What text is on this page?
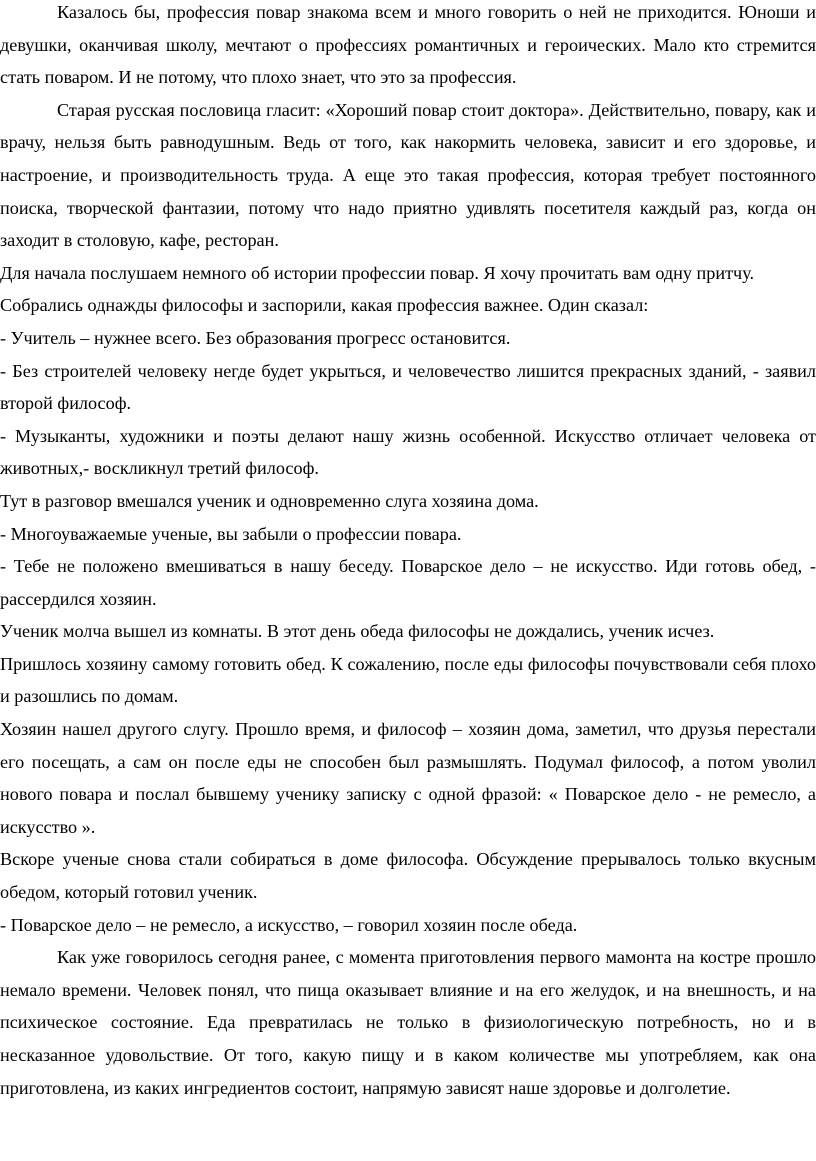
Казалось бы, профессия повар знакома всем и много говорить о ней не приходится. Юноши и девушки, оканчивая школу, мечтают о профессиях романтичных и героических. Мало кто стремится стать поваром. И не потому, что плохо знает, что это за профессия.

Старая русская пословица гласит: «Хороший повар стоит доктора». Действительно, повару, как и врачу, нельзя быть равнодушным. Ведь от того, как накормить человека, зависит и его здоровье, и настроение, и производительность труда. А еще это такая профессия, которая требует постоянного поиска, творческой фантазии, потому что надо приятно удивлять посетителя каждый раз, когда он заходит в столовую, кафе, ресторан.

Для начала послушаем немного об истории профессии повар. Я хочу прочитать вам одну притчу.

Собрались однажды философы и заспорили, какая профессия важнее. Один сказал:

- Учитель – нужнее всего. Без образования прогресс остановится.

- Без строителей человеку негде будет укрыться, и человечество лишится прекрасных зданий, - заявил второй философ.

- Музыканты, художники и поэты делают нашу жизнь особенной. Искусство отличает человека от животных,- воскликнул третий философ.

Тут в разговор вмешался ученик и одновременно слуга хозяина дома.

- Многоуважаемые ученые, вы забыли о профессии повара.

- Тебе не положено вмешиваться в нашу беседу. Поварское дело – не искусство. Иди готовь обед, - рассердился хозяин.

Ученик молча вышел из комнаты. В этот день обеда философы не дождались, ученик исчез.

Пришлось хозяину самому готовить обед. К сожалению, после еды философы почувствовали себя плохо и разошлись по домам.

Хозяин нашел другого слугу. Прошло время, и философ – хозяин дома, заметил, что друзья перестали его посещать, а сам он после еды не способен был размышлять. Подумал философ, а потом уволил нового повара и послал бывшему ученику записку с одной фразой: « Поварское дело - не ремесло, а искусство ».

Вскоре ученые снова стали собираться в доме философа. Обсуждение прерывалось только вкусным обедом, который готовил ученик.

- Поварское дело – не ремесло, а искусство, – говорил хозяин после обеда.

Как уже говорилось сегодня ранее, с момента приготовления первого мамонта на костре прошло немало времени. Человек понял, что пища оказывает влияние и на его желудок, и на внешность, и на психическое состояние. Еда превратилась не только в физиологическую потребность, но и в несказанное удовольствие. От того, какую пищу и в каком количестве мы употребляем, как она приготовлена, из каких ингредиентов состоит, напрямую зависят наше здоровье и долголетие.
